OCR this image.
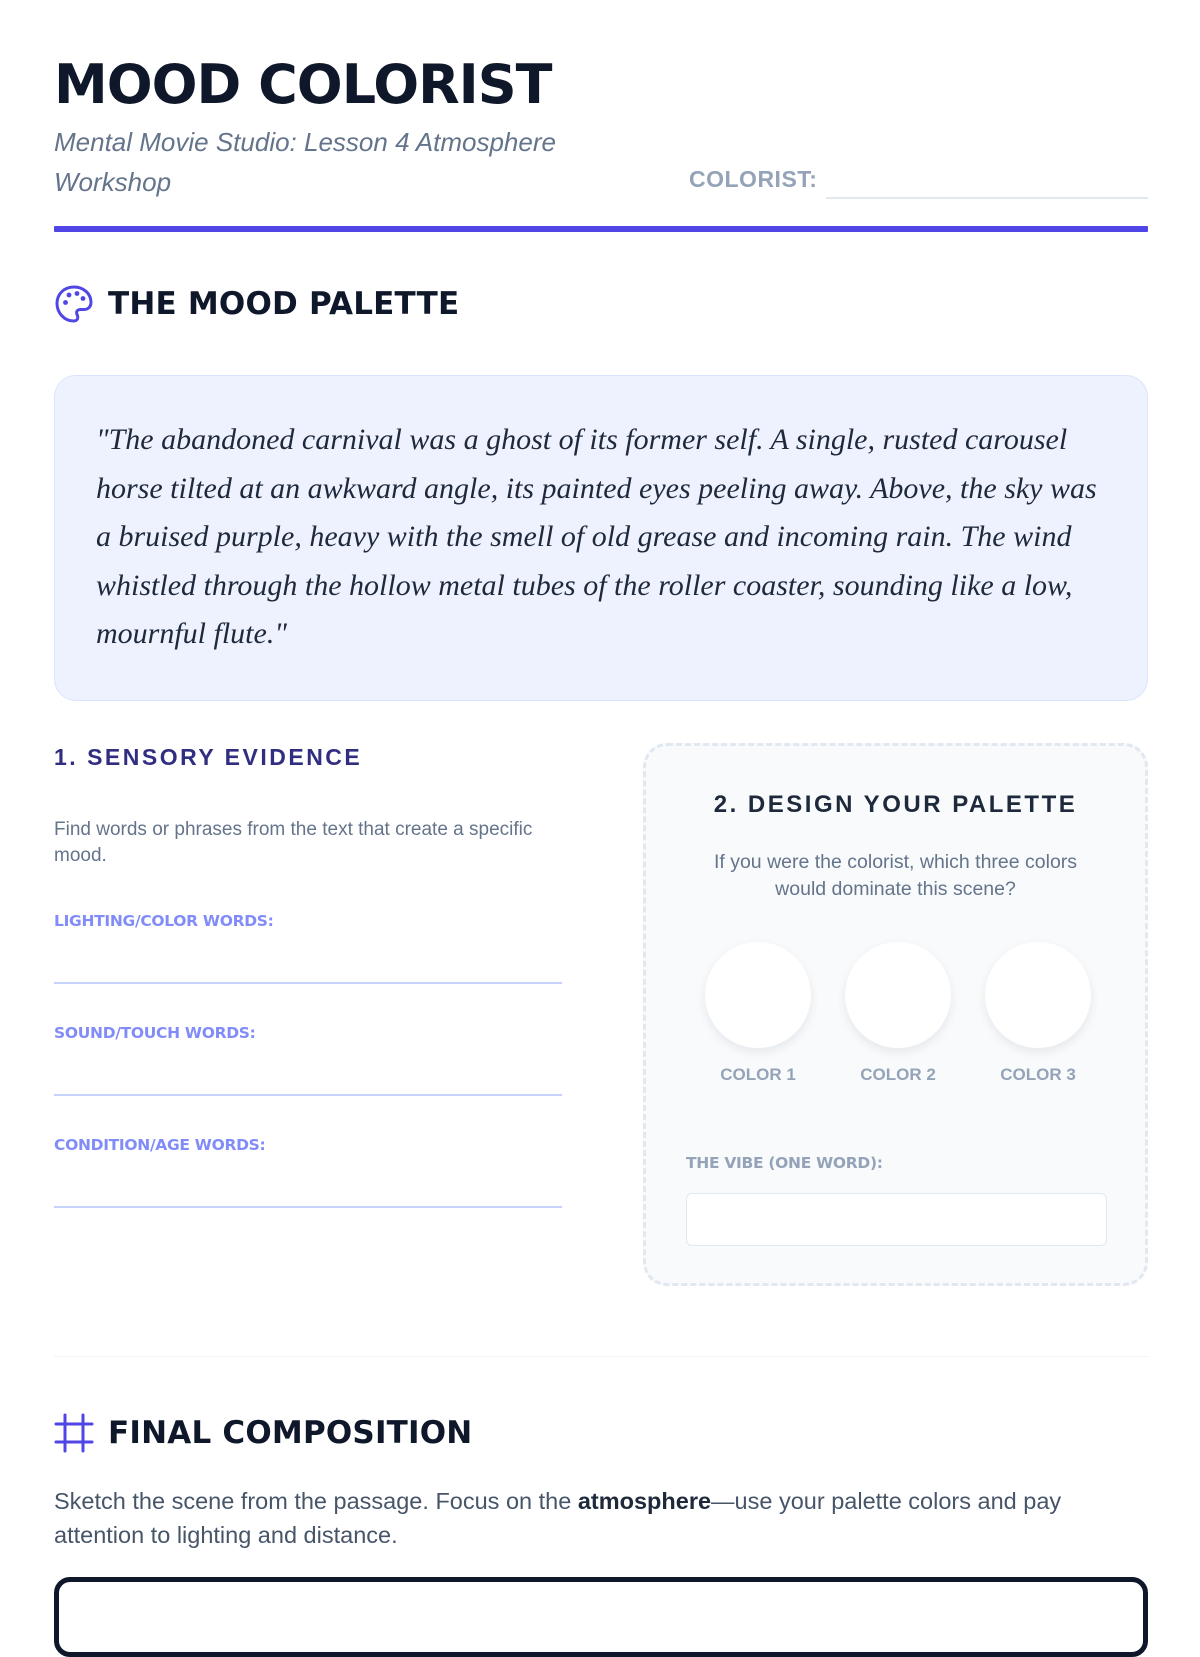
MOOD COLORIST
Mental Movie Studio: Lesson 4 Atmosphere Workshop	COLORIST:
THE MOOD PALETTE

"The abandoned carnival was a ghost of its former self. A single, rusted carousel horse tilted at an awkward angle, its painted eyes peeling away. Above, the sky was a bruised purple, heavy with the smell of old grease and incoming rain. The wind whistled through the hollow metal tubes of the roller coaster, sounding like a low, mournful flute."

1. SENSORY EVIDENCE
Find words or phrases from the text that create a specific mood.
LIGHTING/COLOR WORDS:
SOUND/TOUCH WORDS:
CONDITION/AGE WORDS:
2. DESIGN YOUR PALETTE
If you were the colorist, which three colors would dominate this scene?
COLOR 1	COLOR 2	COLOR 3
THE VIBE (ONE WORD):
FINAL COMPOSITION
Sketch the scene from the passage. Focus on the atmosphere—use your palette colors and pay attention to lighting and distance.
